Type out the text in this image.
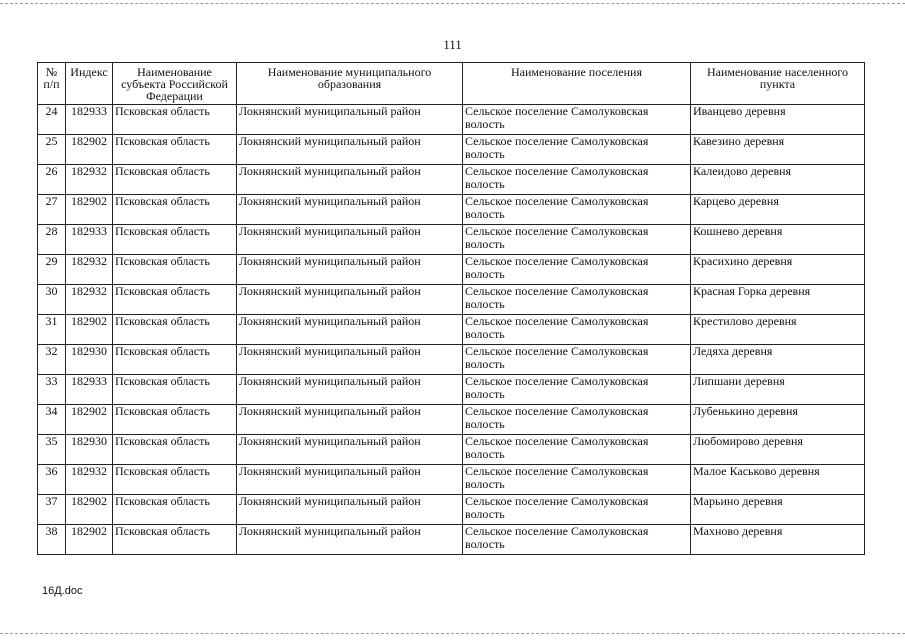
111
№ п/п	Индекс	Наименование субъекта Российской Федерации	Наименование муниципального образования	Наименование поселения	Наименование населенного пункта
24	182933	Псковская область	Локнянский муниципальный район	Сельское поселение Самолуковская волость	Иванцево деревня
25	182902	Псковская область	Локнянский муниципальный район	Сельское поселение Самолуковская волость	Кавезино деревня
26	182932	Псковская область	Локнянский муниципальный район	Сельское поселение Самолуковская волость	Калеидово деревня
27	182902	Псковская область	Локнянский муниципальный район	Сельское поселение Самолуковская волость	Карцево деревня
28	182933	Псковская область	Локнянский муниципальный район	Сельское поселение Самолуковская волость	Кошнево деревня
29	182932	Псковская область	Локнянский муниципальный район	Сельское поселение Самолуковская волость	Красихино деревня
30	182932	Псковская область	Локнянский муниципальный район	Сельское поселение Самолуковская волость	Красная Горка деревня
31	182902	Псковская область	Локнянский муниципальный район	Сельское поселение Самолуковская волость	Крестилово деревня
32	182930	Псковская область	Локнянский муниципальный район	Сельское поселение Самолуковская волость	Ледяха деревня
33	182933	Псковская область	Локнянский муниципальный район	Сельское поселение Самолуковская волость	Липшани деревня
34	182902	Псковская область	Локнянский муниципальный район	Сельское поселение Самолуковская волость	Лубенькино деревня
35	182930	Псковская область	Локнянский муниципальный район	Сельское поселение Самолуковская волость	Любомирово деревня
36	182932	Псковская область	Локнянский муниципальный район	Сельское поселение Самолуковская волость	Малое Каськово деревня
37	182902	Псковская область	Локнянский муниципальный район	Сельское поселение Самолуковская волость	Марьино деревня
38	182902	Псковская область	Локнянский муниципальный район	Сельское поселение Самолуковская волость	Махново деревня
16Д.doc
